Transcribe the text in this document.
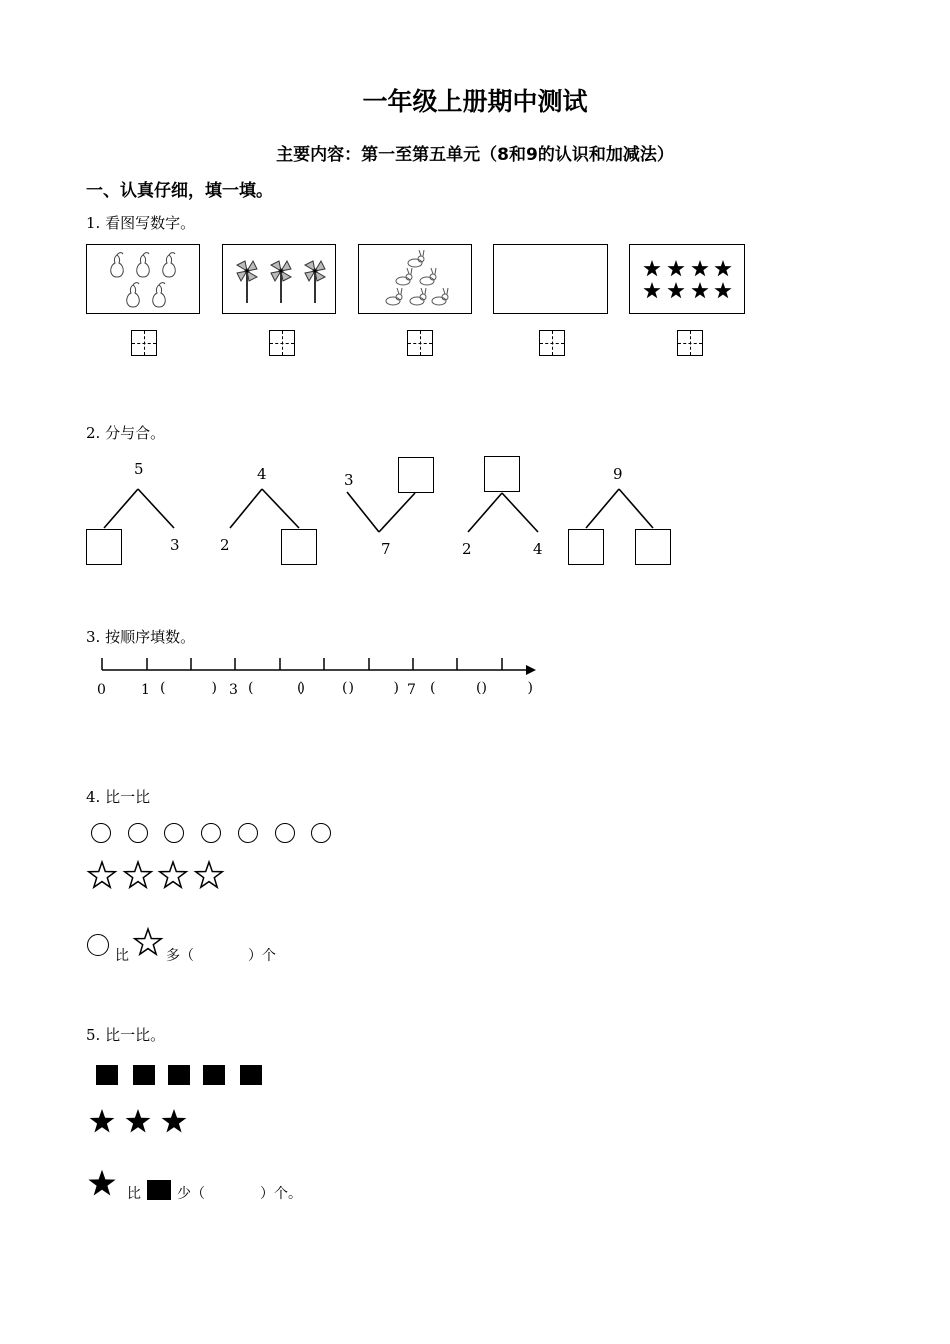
一年级上册期中测试
主要内容：第一至第五单元（8和9的认识和加减法）
一、认真仔细，填一填。
1. 看图写数字。
2. 分与合。
5
3
4
2
3
7	2	4
9
3. 按顺序填数。
0	1 (　　) 3 (　　)
(　　)
(　　) 7 (　　)
(　　)
4. 比一比
比	多（	）个
5. 比一比。
比	少（	）个。
